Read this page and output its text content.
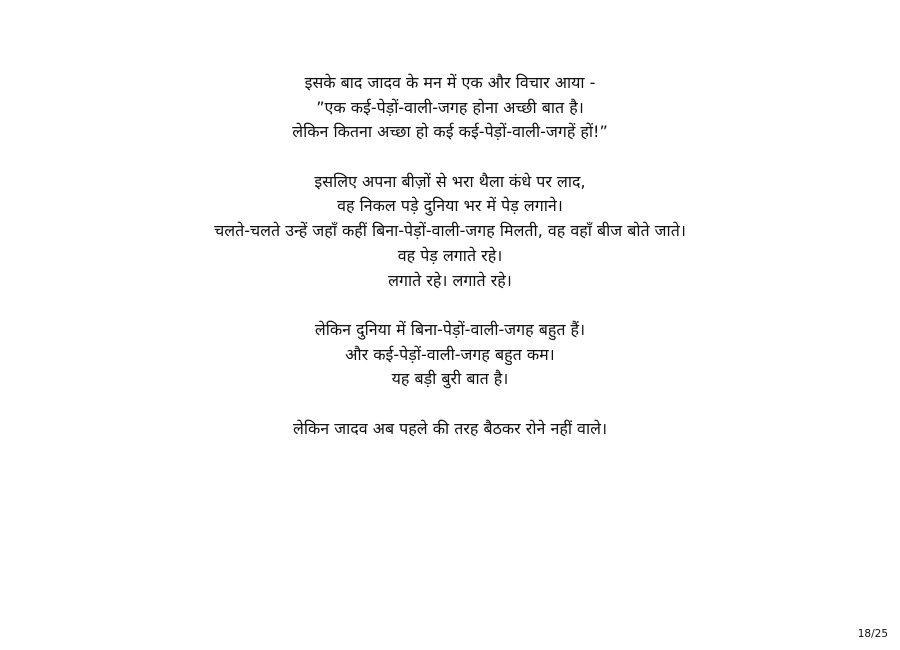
इसके बाद जादव के मन में एक और विचार आया -
”एक कई-पेड़ों-वाली-जगह होना अच्छी बात है।
लेकिन कितना अच्छा हो कई कई-पेड़ों-वाली-जगहें हों!”
इसलिए अपना बीज़ों से भरा थैला कंधे पर लाद,
वह निकल पड़े दुनिया भर में पेड़ लगाने।
चलते-चलते उन्हें जहाँ कहीं बिना-पेड़ों-वाली-जगह मिलती, वह वहाँ बीज बोते जाते।
वह पेड़ लगाते रहे।
लगाते रहे। लगाते रहे।
लेकिन दुनिया में बिना-पेड़ों-वाली-जगह बहुत हैं।
और कई-पेड़ों-वाली-जगह बहुत कम।
यह बड़ी बुरी बात है।
लेकिन जादव अब पहले की तरह बैठकर रोने नहीं वाले।
18/25
